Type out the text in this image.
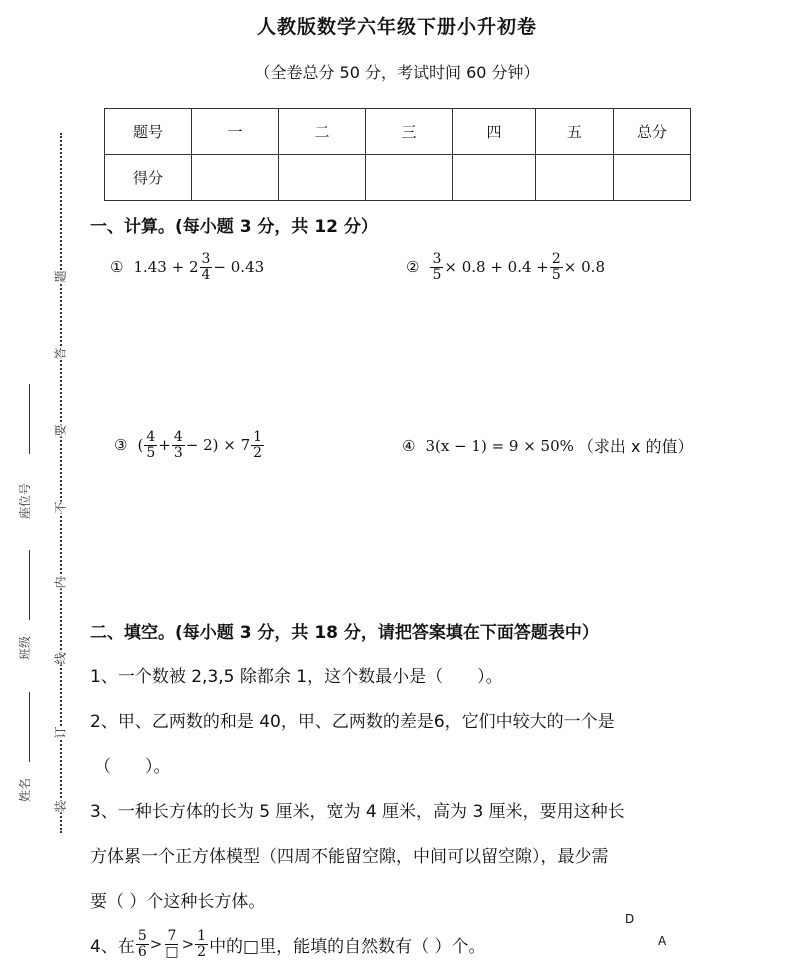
人教版数学六年级下册小升初卷
（全卷总分 50 分，考试时间 60 分钟）
题号	一	二	三	四	五	总分
得分						
题
答
要
不
内
线
订
装
座位号
班级
姓名
一、计算。(每小题 3 分，共 12 分）
① $1.43 + 2 \frac{3}{4} - 0.43$	② $\frac{3}{5} \times 0.8 + 0.4 + \frac{2}{5} \times 0.8$
③ ( $\frac{4}{5} + \frac{4}{3} - 2) \times 7 \frac{1}{2}$	④ 3(x − 1) = 9 × 50% （求出 x 的值）
二、填空。(每小题 3 分，共 18 分，请把答案填在下面答题表中）
1、一个数被 2,3,5 除都余 1，这个数最小是（　　）。
2、甲、乙两数的和是 40，甲、乙两数的差是6，它们中较大的一个是
（　　）。
3、一种长方体的长为 5 厘米，宽为 4 厘米，高为 3 厘米，要用这种长
方体累一个正方体模型（四周不能留空隙，中间可以留空隙），最少需
要（ ）个这种长方体。
4、在 $\frac{5}{6} > \frac{7}{□} > \frac{1}{2}$ 中的□里，能填的自然数有（ ）个。
D
A
